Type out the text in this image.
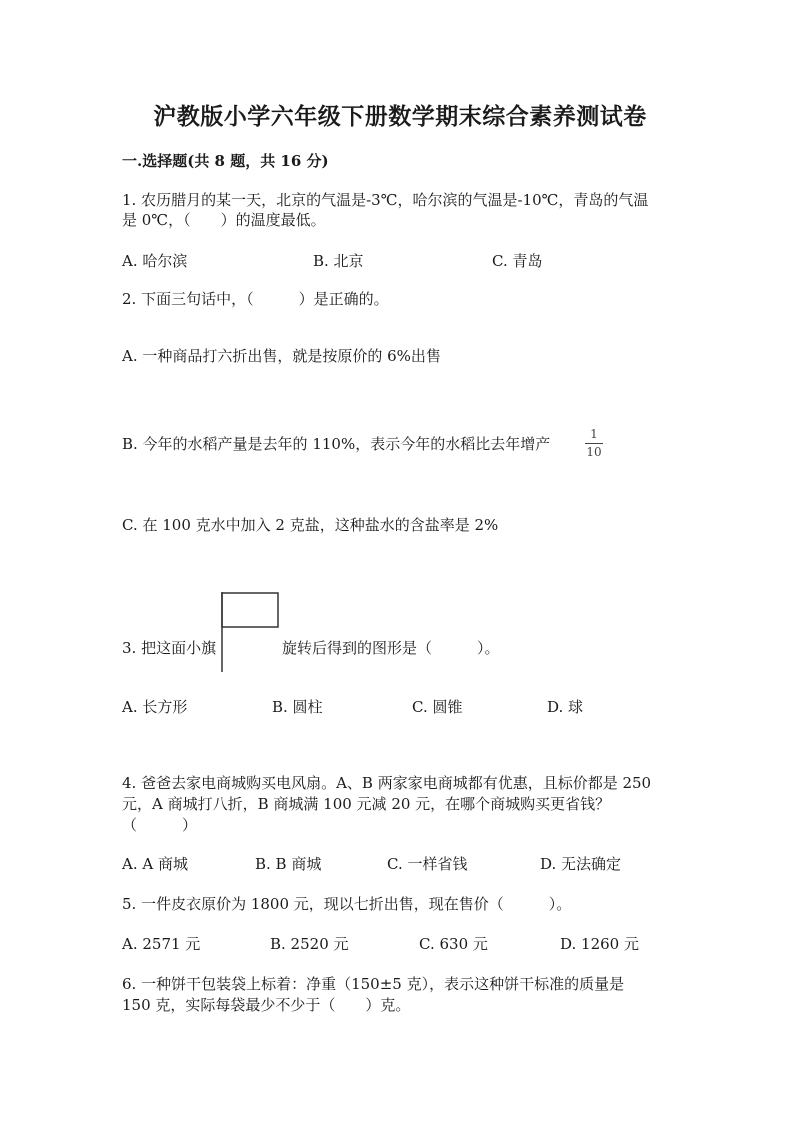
沪教版小学六年级下册数学期末综合素养测试卷
一.选择题(共 8 题，共 16 分)
1. 农历腊月的某一天，北京的气温是-3℃，哈尔滨的气温是-10℃，青岛的气温
是 0℃，（　　）的温度最低。
A. 哈尔滨	B. 北京	C. 青岛
2. 下面三句话中，（　　　）是正确的。
A. 一种商品打六折出售，就是按原价的 6%出售
B. 今年的水稻产量是去年的 110%，表示今年的水稻比去年增产
1
10
C. 在 100 克水中加入 2 克盐，这种盐水的含盐率是 2%
3. 把这面小旗	旋转后得到的图形是（　　　）。
A. 长方形	B. 圆柱	C. 圆锥	D. 球
4. 爸爸去家电商城购买电风扇。A、B 两家家电商城都有优惠，且标价都是 250
元，A 商城打八折，B 商城满 100 元减 20 元，在哪个商城购买更省钱？
（　　　）
A. A 商城	B. B 商城	C. 一样省钱	D. 无法确定
5. 一件皮衣原价为 1800 元，现以七折出售，现在售价（　　　）。
A. 2571 元	B. 2520 元	C. 630 元	D. 1260 元
6. 一种饼干包装袋上标着：净重（150±5 克），表示这种饼干标准的质量是
150 克，实际每袋最少不少于（　　）克。
